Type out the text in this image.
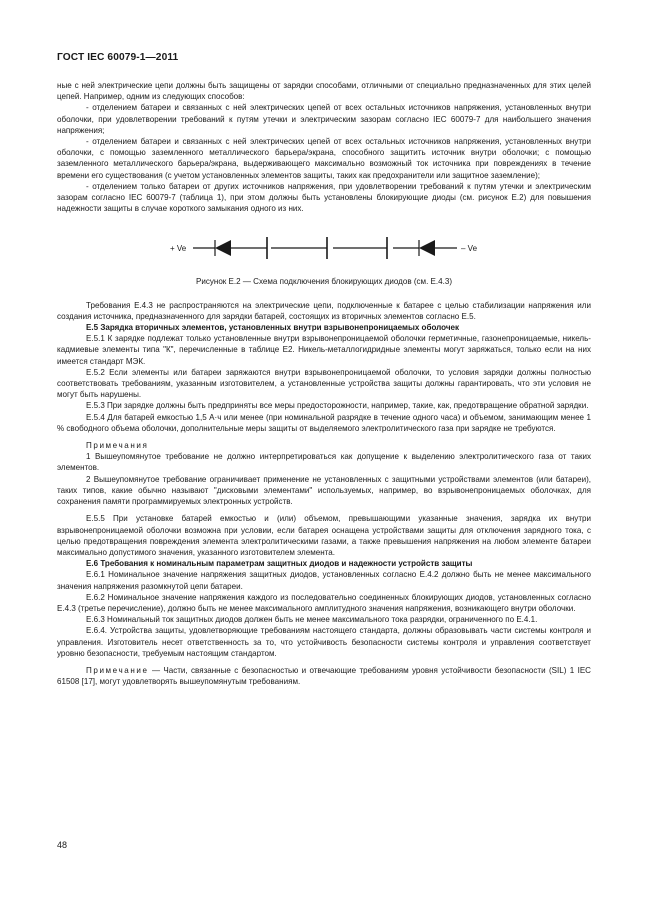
ГОСТ IEC 60079-1—2011

ные с ней электрические цепи должны быть защищены от зарядки способами, отличными от специально предназначенных для этих целей цепей. Например, одним из следующих способов:

- отделением батареи и связанных с ней электрических цепей от всех остальных источников напряжения, установленных внутри оболочки, при удовлетворении требований к путям утечки и электрическим зазорам согласно IEC 60079-7 для наибольшего значения напряжения;

- отделением батареи и связанных с ней электрических цепей от всех остальных источников напряжения, установленных внутри оболочки, с помощью заземленного металлического барьера/экрана, способного защитить источник внутри оболочки; с помощью заземленного металлического барьера/экрана, выдерживающего максимально возможный ток источника при повреждениях в течение времени его существования (с учетом установленных элементов защиты, таких как предохранители или защитное заземление);

- отделением только батареи от других источников напряжения, при удовлетворении требований к путям утечки и электрическим зазорам согласно IEC 60079-7 (таблица 1), при этом должны быть установлены блокирующие диоды (см. рисунок Е.2) для повышения надежности защиты в случае короткого замыкания одного из них.

+ Ve	– Ve

Рисунок Е.2 — Схема подключения блокирующих диодов (см. Е.4.3)

Требования Е.4.3 не распространяются на электрические цепи, подключенные к батарее с целью стабилизации напряжения или создания источника, предназначенного для зарядки батарей, состоящих из вторичных элементов согласно Е.5.

Е.5 Зарядка вторичных элементов, установленных внутри взрывонепроницаемых оболочек

Е.5.1 К зарядке подлежат только установленные внутри взрывонепроницаемой оболочки герметичные, газонепроницаемые, никель-кадмиевые элементы типа "К", перечисленные в таблице Е2. Никель-металлогидридные элементы могут заряжаться, только если на них имеется стандарт МЭК.

Е.5.2 Если элементы или батареи заряжаются внутри взрывонепроницаемой оболочки, то условия зарядки должны полностью соответствовать требованиям, указанным изготовителем, а установленные устройства защиты должны гарантировать, что эти условия не могут быть нарушены.

Е.5.3 При зарядке должны быть предприняты все меры предосторожности, например, такие, как, предотвращение обратной зарядки.

Е.5.4 Для батарей емкостью 1,5 А·ч или менее (при номинальной разрядке в течение одного часа) и объемом, занимающим менее 1 % свободного объема оболочки, дополнительные меры защиты от выделяемого электролитического газа при зарядке не требуются.

Примечания

1 Вышеупомянутое требование не должно интерпретироваться как допущение к выделению электролитического газа от таких элементов.

2 Вышеупомянутое требование ограничивает применение не установленных с защитными устройствами элементов (или батареи), таких типов, какие обычно называют "дисковыми элементами" используемых, например, во взрывонепроницаемых оболочках, для сохранения памяти программируемых электронных устройств.

Е.5.5 При установке батарей емкостью и (или) объемом, превышающими указанные значения, зарядка их внутри взрывонепроницаемой оболочки возможна при условии, если батарея оснащена устройствами защиты для отключения зарядного тока, с целью предотвращения повреждения элемента электролитическими газами, а также превышения напряжения на любом элементе батареи максимально допустимого значения, указанного изготовителем элемента.

Е.6 Требования к номинальным параметрам защитных диодов и надежности устройств защиты

Е.6.1 Номинальное значение напряжения защитных диодов, установленных согласно Е.4.2 должно быть не менее максимального значения напряжения разомкнутой цепи батареи.

Е.6.2 Номинальное значение напряжения каждого из последовательно соединенных блокирующих диодов, установленных согласно Е.4.3 (третье перечисление), должно быть не менее максимального амплитудного значения напряжения, возникающего внутри оболочки.

Е.6.3 Номинальный ток защитных диодов должен быть не менее максимального тока разрядки, ограниченного по Е.4.1.

Е.6.4. Устройства защиты, удовлетворяющие требованиям настоящего стандарта, должны образовывать части системы контроля и управления. Изготовитель несет ответственность за то, что устойчивость безопасности системы контроля и управления соответствует уровню безопасности, требуемым настоящим стандартом.

Примечание — Части, связанные с безопасностью и отвечающие требованиям уровня устойчивости безопасности (SIL) 1 IEC 61508 [17], могут удовлетворять вышеупомянутым требованиям.

48
